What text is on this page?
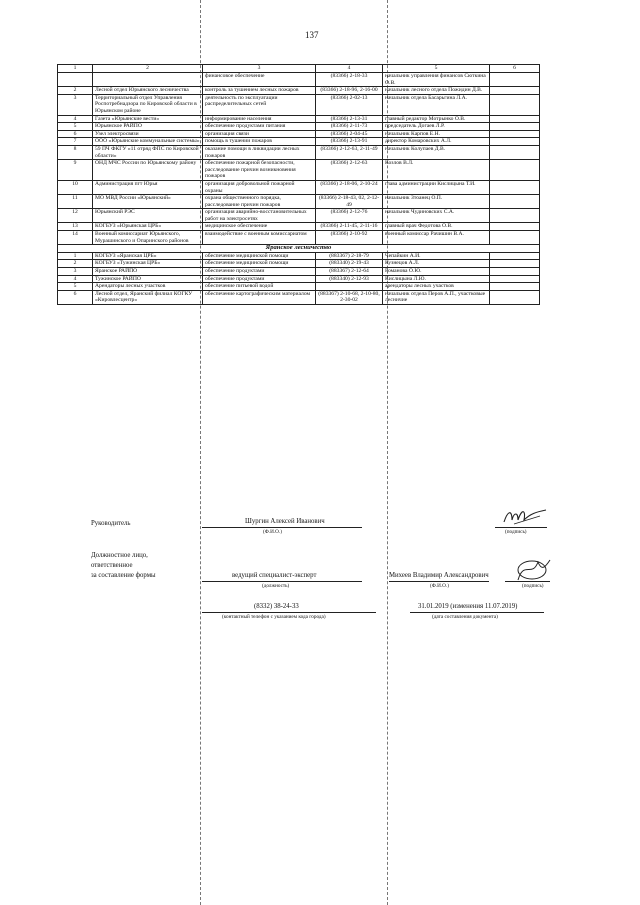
137
1	2	3	4	5	6
		финансовое обеспечение	(83366) 2-18-33	начальник управления финансов Сюткина О.В.	
2	Лесной отдел Юрьянского лесничества	контроль за тушением лесных пожаров	(83366) 2-18-96, 2-16-00	начальник лесного отдела Пожидин Д.В.	
3	Территориальный отдел Управления Роспотребнадзора по Кировской области в Юрьянском районе	деятельность по эксплуатации распределительных сетей	(83366) 2-02-13	начальник отдела Басарьгина Л.А.	
4	Газета «Юрьянские вести»	информирование населения	(83366) 2-13-31	главный редактор Мотрынко О.В.	
5	Юрьянское РАЙПО	обеспечение продуктами питания	(83366) 2-11-73	председатель Догаев Л.Р.	
6	Узел электросвязи	организация связи	(83366) 2-04-45	начальник Карпов Е.Н.	
7	ООО «Юрьянские коммунальные системы»	помощь в тушении пожаров	(83366) 2-13-91	директор Комаровских А.Л.	
8	59 ПЧ ФКГУ «11 отряд ФПС по Кировской области»	оказание помощи в ликвидации лесных пожаров	(83366) 2-12-63, 2-11-49	начальник Колупаев Д.В.	
9	ОНД МЧС России по Юрьянскому району	обеспечение пожарной безопасности, расследование причин возникновения пожаров	(83366) 2-12-63	Козлов В.Л.	
10	Администрация пгт Юрья	организация добровольной пожарной охраны	(83366) 2-18-06, 2-10-24	глава администрации Кислицына Т.И.	
11	МО МВД России «Юрьянский»	охрана общественного порядка, расследование причин пожаров	(83366) 2-18-43, 02, 2-12-49	начальник Зтоанец О.П.	
12	Юрьянский РЭС	организация аварийно-восстановительных работ на электросетях	(83366) 2-12-76	начальник Чудиновских С.А.	
13	КОГБУЗ «Юрьянская ЦРБ»	медицинское обеспечение	(83366) 2-11-45, 2-11-16	главный врач Федотова О.В.	
14	Военный комиссариат Юрьянского, Мурашинского и Опаринского районов	взаимодействие с военным комиссариатом	(83366) 2-10-92	военный комиссар Рачишин В.А.	
Яранское лесничество					
1	КОГБУЗ «Яранская ЦРБ»	обеспечение медицинской помощи	(883367) 2-18-79	Чепайкин А.И.	
2	КОГБУЗ «Тужинская ЦРБ»	обеспечение медицинской помощи	(883340) 2-19-43	Кузнецов А.Л.	
3	Яранское РАЙПО	обеспечение продуктами	(883367) 2-12-64	Романова О.Ю.	
4	Тужинское РАЙПО	обеспечение продуктами	(883340) 2-12-93	Кислицына Л.Ю.	
5	Арендаторы лесных участков	обеспечение питьевой водой		арендаторы лесных участков	
6	Лесной отдел, Яранский филиал КОГКУ «Кировлесцентр»	обеспечение картографическим материалом	(883367) 2-10-68, 2-10-80, 2-30-02	начальник отдела Перов А.П., участковые лесничие	
Руководитель	Шургин Алексей Иванович
(Ф.И.О.)	(подпись)
Должностное лицо,
ответственное
за составление формы	ведущий специалист-эксперт
(должность)
Михеев Владимир Александрович
(Ф.И.О.)	(подпись)
(8332) 38-24-33
(контактный телефон с указанием кода города)
31.01.2019 (изменения 11.07.2019)
(дата составления документа)
